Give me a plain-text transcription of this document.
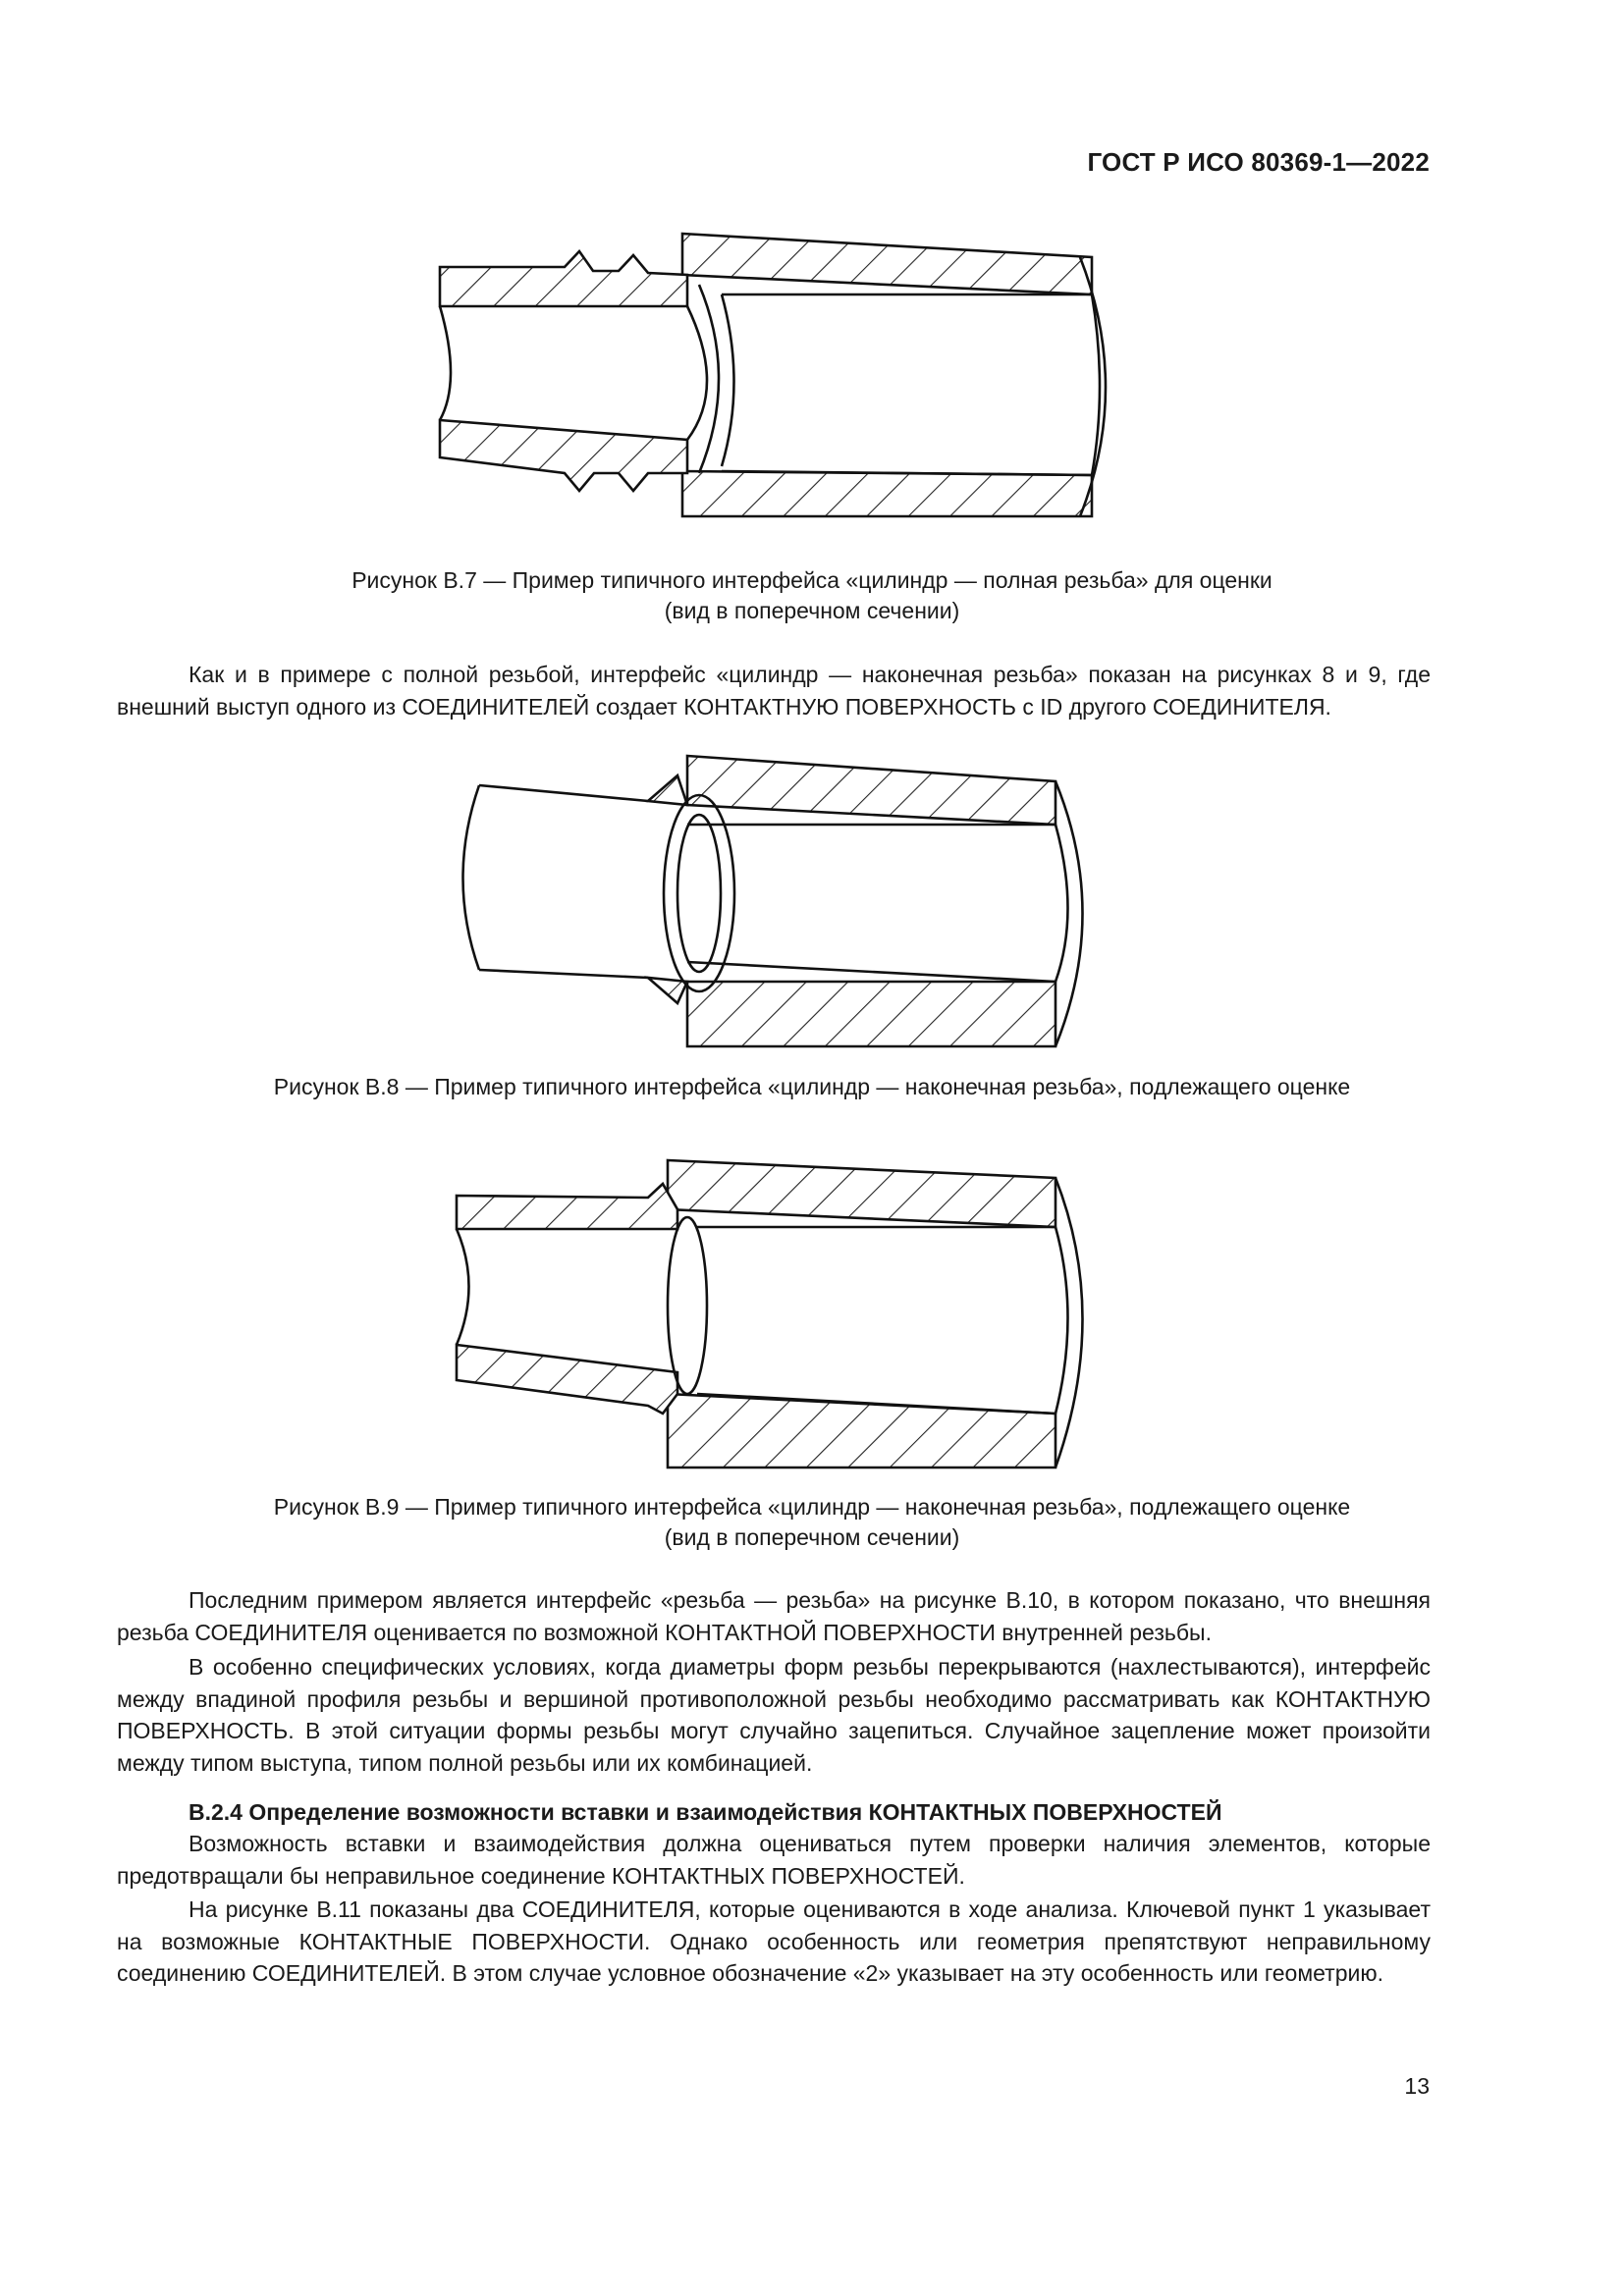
ГОСТ Р ИСО 80369-1—2022
Рисунок В.7 — Пример типичного интерфейса «цилиндр — полная резьба» для оценки
(вид в поперечном сечении)

Как и в примере с полной резьбой, интерфейс «цилиндр — наконечная резьба» показан на рисунках 8 и 9, где внешний выступ одного из СОЕДИНИТЕЛЕЙ создает КОНТАКТНУЮ ПОВЕРХНОСТЬ с ID другого СОЕДИНИТЕЛЯ.

Рисунок В.8 — Пример типичного интерфейса «цилиндр — наконечная резьба», подлежащего оценке
Рисунок В.9 — Пример типичного интерфейса «цилиндр — наконечная резьба», подлежащего оценке
(вид в поперечном сечении)

Последним примером является интерфейс «резьба — резьба» на рисунке В.10, в котором показано, что внешняя резьба СОЕДИНИТЕЛЯ оценивается по возможной КОНТАКТНОЙ ПОВЕРХНОСТИ внутренней резьбы.

В особенно специфических условиях, когда диаметры форм резьбы перекрываются (нахлестываются), интерфейс между впадиной профиля резьбы и вершиной противоположной резьбы необходимо рассматривать как КОНТАКТНУЮ ПОВЕРХНОСТЬ. В этой ситуации формы резьбы могут случайно зацепиться. Случайное зацепление может произойти между типом выступа, типом полной резьбы или их комбинацией.

В.2.4 Определение возможности вставки и взаимодействия КОНТАКТНЫХ ПОВЕРХНОСТЕЙ

Возможность вставки и взаимодействия должна оцениваться путем проверки наличия элементов, которые предотвращали бы неправильное соединение КОНТАКТНЫХ ПОВЕРХНОСТЕЙ.

На рисунке В.11 показаны два СОЕДИНИТЕЛЯ, которые оцениваются в ходе анализа. Ключевой пункт 1 указывает на возможные КОНТАКТНЫЕ ПОВЕРХНОСТИ. Однако особенность или геометрия препятствуют неправильному соединению СОЕДИНИТЕЛЕЙ. В этом случае условное обозначение «2» указывает на эту особенность или геометрию.

13
